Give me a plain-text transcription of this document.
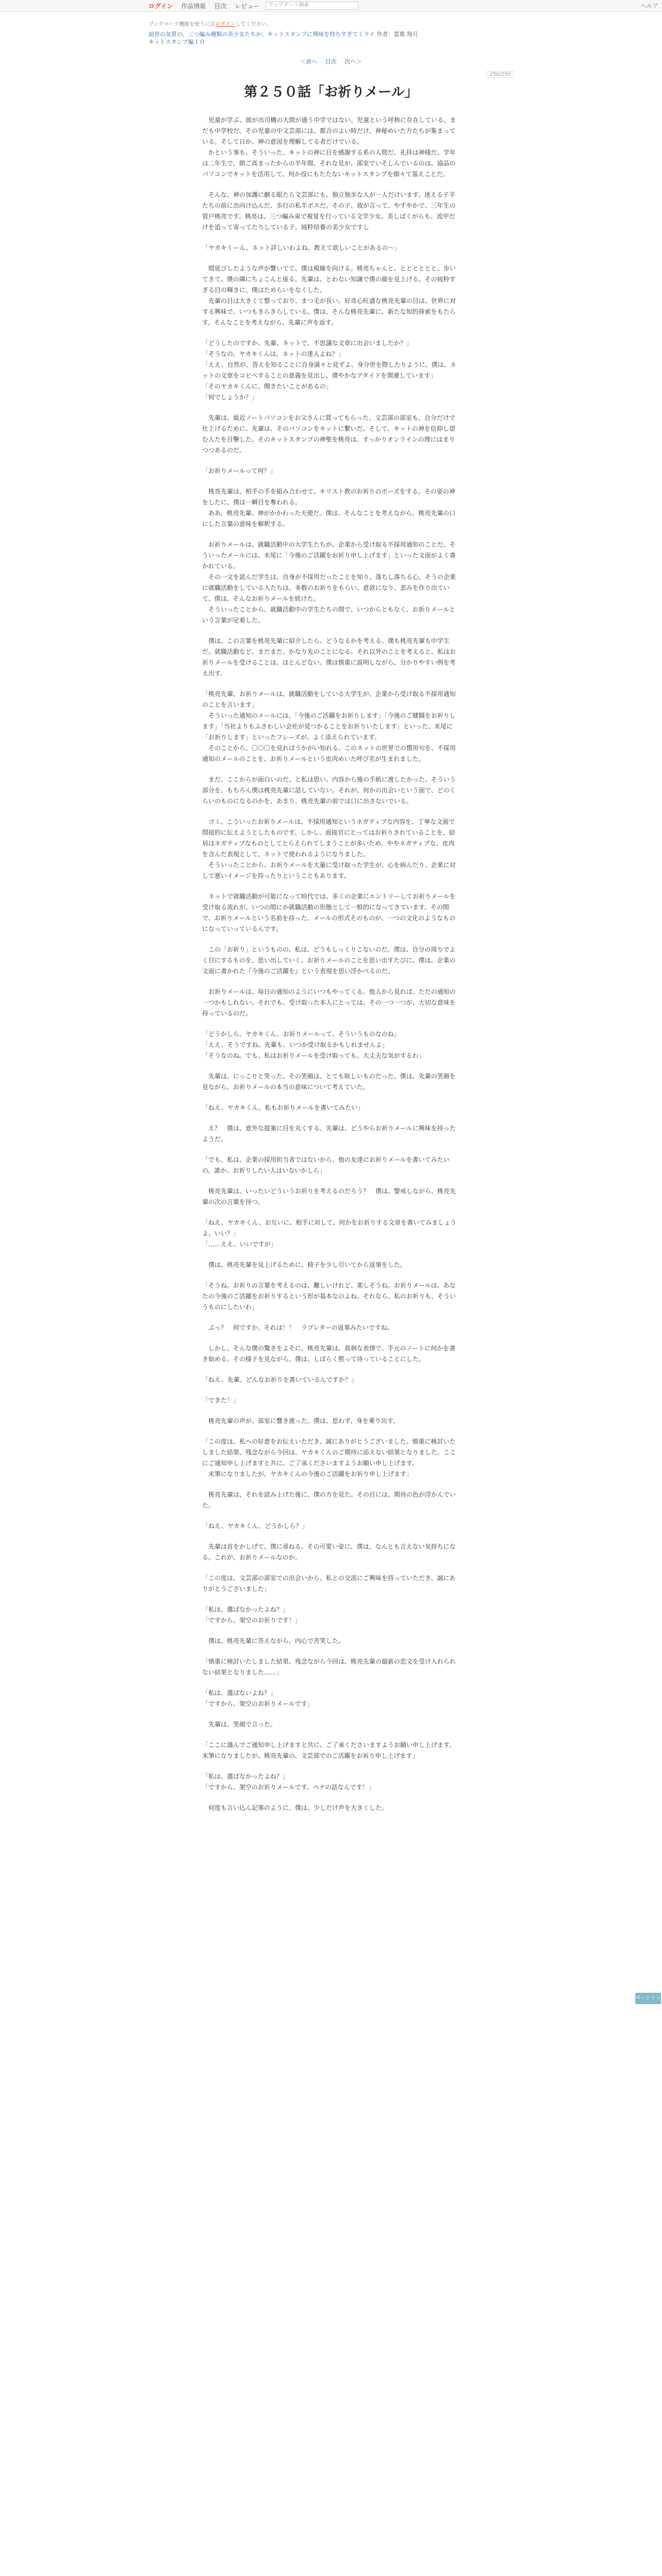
ログイン 作品情報 目次 レビュー	アップデート検索	ヘルプ
ブックマーク機能を使うにはログインしてください。
前世の気質の、三つ編み種類の美少女たちが、キットスタンプに興味を持ちすぎてミライ 作者：霊菓 翔月
キットスタンプ編１０
＜前へ 目次 次へ＞
250/250
第２５０話「お祈りメール」

　児童が学ぶ、彼が出司構の大間が通う中学ではない。児童という呼称に存在している、まだも中学校だ。その児童の中文芸部には、都合のよい時だけ、神秘めいた方たちが集まっている。そして日か、神の意図を理解してる者だけでいる。
　かという事も、そういった、キットの神に目を感謝する系の人間だ。礼拝は神様だ。学年は二年生で、朗ご高まったからの半年間、それな見が、部室でいそしんでいるのは、協品のパソコンでキットを活用して、何か役にもたたないキットスタンプを細々て基えことだ。

　そんな、神の加護に劇る眼たら文芸部にも、独立独歩な人が一人だけいます。迷える子羊たちの前に出向け込んだ、歩行の私羊ボスだ。その子、彼が言って、やすやかで、三年生の管戸桃亮です。桃亮は、三つ編み束で視覚を行っている文学少女。美しばくがらも、流甲だけを追って寄ってたりしている子。純粋培養の美少女ですし

「ヤカキくーん、ネット詳しいわよね。教えて欲しいことがあるの〜」

　間延びしたような声が響いてて、僕は視線を向ける。桃亮ちゃんと、とととととと、歩いてきて、僕の隣にちょこんと座る。先輩は、とわない知識で僕の顔を見上げる。その純粋すぎる目の輝きに、僕はためらいをなくした。
　先輩の目は大きくて整っており、まつ毛が長い。好奇心旺盛な桃亮先輩の目は、世界に対する興味で、いつもきらきらしている。僕は、そんな桃亮先輩に、新たな知的探索をもたらす。そんなことを考えながら、先輩に声を返す。

「どうしたのですか。先輩、ネットで、不思議な文章に出会いましたか？」
「そうなの。ヤカキくんは、ネットの達人よね？」
「ええ。自然が、答えを知ることに自身満々と見ずよ、身分世を際したりように、僕は、ネットの文章をコピペすることの意義を見出し、僕やかなアタイドを関連しています」
「そのヤカキくんに、聞きたいことがあるの」
「何でしょうか？」

　先輩は、最近ノートパソコンをお父さんに買ってもらった。文芸部の部室も、自分だけで仕上げるために、先輩は、そのパソコンをキットに繋いだ。そして、キットの神を信仰し望む人たを目撃した。そのキットスタンプの神聖を桃亮は、すっかりオンラインの理にはまりつつあるのだ。

「お祈りメールって何？」

　桃亮先輩は、相手の手を組み合わせて、キリスト教のお祈りのポーズをする。その姿の神をしたに、僕は一瞬目を奪われる。
　ああ、桃亮先輩、神がかかわった天使だ。僕は、そんなことを考えながら、桃亮先輩の口にした言葉の意味を解釈する。

　お祈りメールは、就職活動中の大学生たちが、企業から受け取る不採用通知のことだ。そういったメールには、末尾に「今後のご活躍をお祈り申し上げます」といった文面がよく書かれている。
　その一文を読んだ学生は、自身が不採用だったことを知り、落ちし落ちる心、そうの企業に就職活動をしている人たちは、多数のお祈りをもらい、意欲になり、悲みを作り出ていて、僕は、そんなお祈りメールを続けた。
　そういったことから、就職活動中の学生たちの間で、いつからともなく、お祈りメールという言葉が定着した。

　僕は、この言葉を桃亮先輩に紹介したら、どうなるかを考える。僕も桃亮先輩も中学生だ。就職活動など、まだまだ、かなり先のことになる。それ以外のことを考えると、私はお祈りメールを受けることは、ほとんどない。僕は慎重に説明しながら、分かりやすい例を考え出す。

「桃亮先輩、お祈りメールは、就職活動をしている大学生が、企業から受け取る不採用通知のことを言います」
　そういった通知のメールには、「今後のご活躍をお祈りします」「今後のご健闘をお祈りします」「当社よりもふさわしい会社が見つかることをお祈りいたします」といった、末尾に「お祈りします」といったフレーズが、よく添えられています。
　そのことから、〇〇〇を見ればうかがい知れる、このネットの世界での慣用句を、不採用通知のメールのことを、お祈りメールという皮肉めいた呼び名が生まれました。

　まだ、ここからが面白いのだ、と私は思い、内容から後の手紙に渡したかった。そういう部分を、もちろん僕は桃亮先輩に話していない。それが、何かの出会いという面で、どのくらいのものになるのかを、あまり、桃亮先輩の前では口に出さないでいる。

　ゴミ、こういったお祈りメールは、不採用通知というネガティブな内容を、丁寧な文面で間接的に伝えようとしたものです。しかし、面接官にとってはお祈りされていることを、結局はネガティブなものとしてとらえられてしまうことが多いため、ややネガティブな、皮肉を含んだ表現として、ネットで使われるようになりました。
　そういったことから、お祈りメールを大量に受け取った学生が、心を病んだり、企業に対して悪いイメージを持ったりということもあります。

　ネットで就職活動が可能になって時代では、多くの企業にエントリーしてお祈りメールを受け取る流れが、いつの間にか就職活動の形態として一般的になってきています。その間で、お祈りメールという名前を持った、メールの形式そのものが、一つの文化のようなものになっていっているんです。

　この「お祈り」というものの、私は、どうもしっくりこないのだ。僕は、自分の周りでよく目にするものを、思い出していく。お祈りメールのことを思い出すたびに、僕は、企業の文面に書かれた『今後のご活躍を』という表現を思い浮かべるのだ。

　お祈りメールは、毎日の通知のようにいつもやってくる。他人から見れば、ただの通知の一つかもしれない。それでも、受け取った本人にとっては、その一つ一つが、大切な意味を持っているのだ。

「どうかしら、ヤカキくん。お祈りメールって、そういうものなのね」
「ええ、そうですね。先輩も、いつか受け取るかもしれませんよ」
「そうなのね。でも、私はお祈りメールを受け取っても、大丈夫な気がするわ」

　先輩は、にっこりと笑った。その笑顔は、とても眩しいものだった。僕は、先輩の笑顔を見ながら、お祈りメールの本当の意味について考えていた。

「ねえ、ヤカキくん。私もお祈りメールを書いてみたい」

　え？　僕は、意外な提案に目を丸くする。先輩は、どうやらお祈りメールに興味を持ったようだ。

「でも、私は、企業の採用担当者ではないから、他の友達にお祈りメールを書いてみたいの。誰か、お祈りしたい人はいないかしら」

　桃亮先輩は、いったいどういうお祈りを考えるのだろう？　僕は、警戒しながら、桃亮先輩の次の言葉を待つ。

「ねえ、ヤカキくん、お互いに、相手に対して、何かをお祈りする文章を書いてみましょうよ。いい？」
「……ええ、いいですが」

　僕は、桃亮先輩を見上げるために、椅子を少し引いてから返事をした。

「そうね。お祈りの言葉を考えるのは、難しいけれど、楽しそうね。お祈りメールは、あなたの今後のご活躍をお祈りするという形が基本なのよね。それなら、私のお祈りも、そういうものにしたいわ」

　ぷっ？　何ですか、それは！！　ラブレターの返事みたいですね。

　しかし、そんな僕の驚きをよそに、桃亮先輩は、真剣な表情で、手元のノートに何かを書き始める。その様子を見ながら、僕は、しばらく黙って待っていることにした。

「ねえ、先輩、どんなお祈りを書いているんですか？」

「できた！」

　桃亮先輩の声が、部室に響き渡った。僕は、思わず、身を乗り出す。

「この度は、私への好意をお伝えいただき、誠にありがとうございました。慎重に検討いたしました結果、残念ながら今回は、ヤカキくんのご期待に添えない結果となりました。ここにご通知申し上げますと共に、ご了承くださいますようお願い申し上げます。
　末筆になりましたが、ヤカキくんの今後のご活躍をお祈り申し上げます」

　桃亮先輩は、それを読み上げた後に、僕の方を見た。その目には、期待の色が浮かんでいた。

「ねえ、ヤカキくん、どうかしら？」

　先輩は首をかしげて、僕に尋ねる。その可愛い姿に、僕は、なんとも言えない気持ちになる。これが、お祈りメールなのか。

「この度は、文芸部の部室での出会いから、私との交流にご興味を持っていただき、誠にありがとうございました」

「私は、選ばなかったよね？」
「ですから、架空のお祈りです！」

　僕は、桃亮先輩に答えながら、内心で苦笑した。

「慎重に検討いたしました結果、残念ながら今回は、桃亮先輩の最新の恋文を受け入れられない結果となりました……」

「私は、選ばないよね？」
「ですから、架空のお祈りメールです」

　先輩は、笑顔で言った。

「ここに謹んでご通知申し上げますと共に、ご了承くださいますようお願い申し上げます。末筆になりましたが、桃亮先輩の、文芸部でのご活躍をお祈り申し上げます」

「私は、選ばなかったよね？」
「ですから、架空のお祈りメールです。ペナの話なんです！」

　何度も言い込ん記事のように、僕は、少しだけ声を大きくした。

ページトップへ
